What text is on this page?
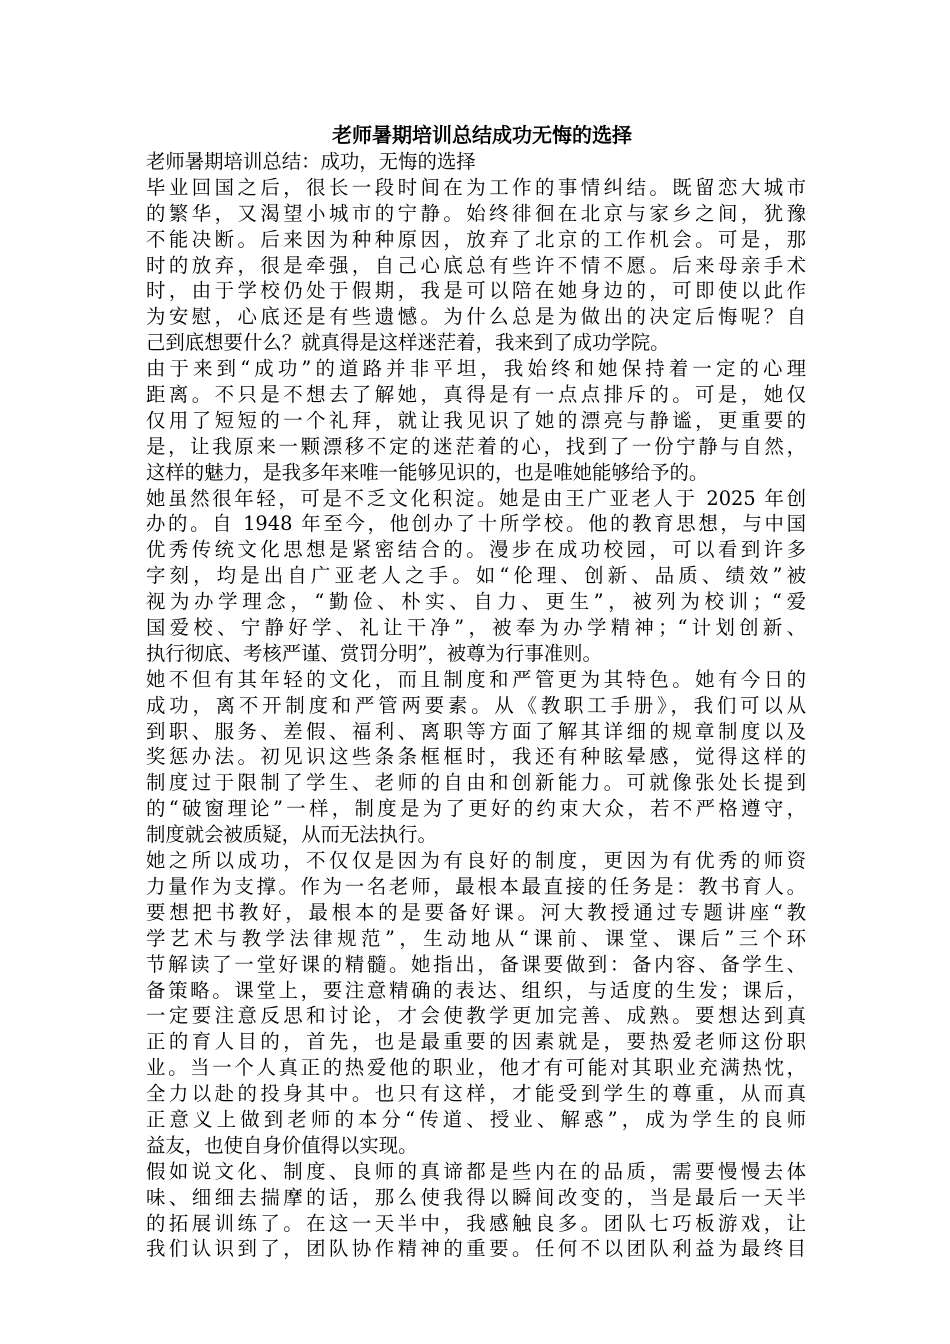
老师暑期培训总结成功无悔的选择
老师暑期培训总结：成功，无悔的选择
毕业回国之后，很长一段时间在为工作的事情纠结。既留恋大城市
的繁华，又渴望小城市的宁静。始终徘徊在北京与家乡之间，犹豫
不能决断。后来因为种种原因，放弃了北京的工作机会。可是，那
时的放弃，很是牵强，自己心底总有些许不情不愿。后来母亲手术
时，由于学校仍处于假期，我是可以陪在她身边的，可即使以此作
为安慰，心底还是有些遗憾。为什么总是为做出的决定后悔呢？自
己到底想要什么？就真得是这样迷茫着，我来到了成功学院。
由于来到“成功”的道路并非平坦，我始终和她保持着一定的心理
距离。不只是不想去了解她，真得是有一点点排斥的。可是，她仅
仅用了短短的一个礼拜，就让我见识了她的漂亮与静谧，更重要的
是，让我原来一颗漂移不定的迷茫着的心，找到了一份宁静与自然，
这样的魅力，是我多年来唯一能够见识的，也是唯她能够给予的。
她虽然很年轻，可是不乏文化积淀。她是由王广亚老人于 2025 年创
办的。自 1948 年至今，他创办了十所学校。他的教育思想，与中国
优秀传统文化思想是紧密结合的。漫步在成功校园，可以看到许多
字刻，均是出自广亚老人之手。如“伦理、创新、品质、绩效”被
视为办学理念，“勤俭、朴实、自力、更生”，被列为校训；“爱
国爱校、宁静好学、礼让干净”，被奉为办学精神；“计划创新、
执行彻底、考核严谨、赏罚分明”，被尊为行事准则。
她不但有其年轻的文化，而且制度和严管更为其特色。她有今日的
成功，离不开制度和严管两要素。从《教职工手册》，我们可以从
到职、服务、差假、福利、离职等方面了解其详细的规章制度以及
奖惩办法。初见识这些条条框框时，我还有种眩晕感，觉得这样的
制度过于限制了学生、老师的自由和创新能力。可就像张处长提到
的“破窗理论”一样，制度是为了更好的约束大众，若不严格遵守，
制度就会被质疑，从而无法执行。
她之所以成功，不仅仅是因为有良好的制度，更因为有优秀的师资
力量作为支撑。作为一名老师，最根本最直接的任务是：教书育人。
要想把书教好，最根本的是要备好课。河大教授通过专题讲座“教
学艺术与教学法律规范”，生动地从“课前、课堂、课后”三个环
节解读了一堂好课的精髓。她指出，备课要做到：备内容、备学生、
备策略。课堂上，要注意精确的表达、组织，与适度的生发；课后，
一定要注意反思和讨论，才会使教学更加完善、成熟。要想达到真
正的育人目的，首先，也是最重要的因素就是，要热爱老师这份职
业。当一个人真正的热爱他的职业，他才有可能对其职业充满热忱，
全力以赴的投身其中。也只有这样，才能受到学生的尊重，从而真
正意义上做到老师的本分“传道、授业、解惑”，成为学生的良师
益友，也使自身价值得以实现。
假如说文化、制度、良师的真谛都是些内在的品质，需要慢慢去体
味、细细去揣摩的话，那么使我得以瞬间改变的，当是最后一天半
的拓展训练了。在这一天半中，我感触良多。团队七巧板游戏，让
我们认识到了，团队协作精神的重要。任何不以团队利益为最终目
